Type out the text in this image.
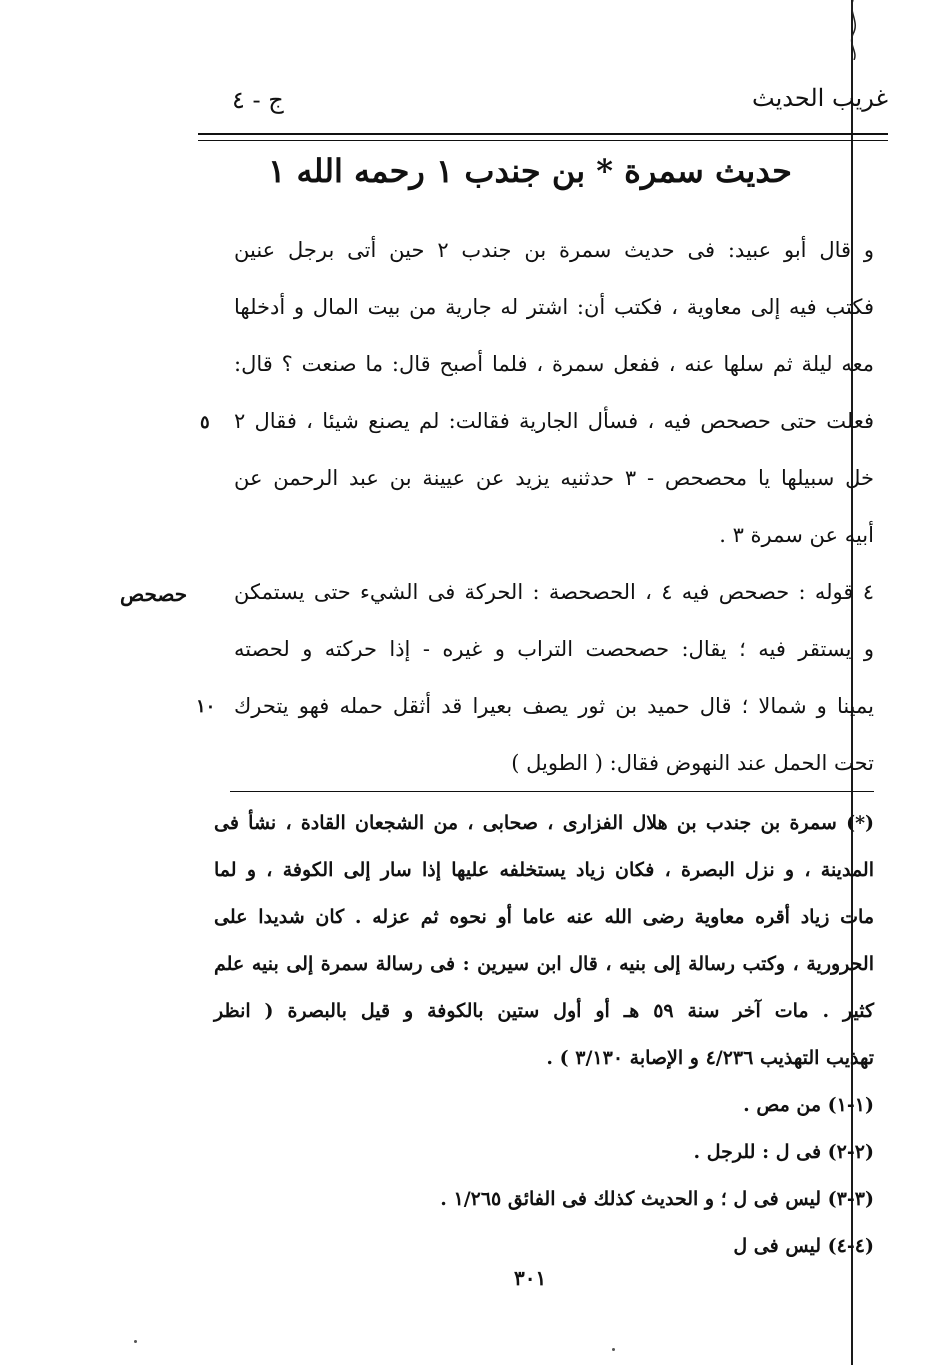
غريب الحديث
ج - ٤
حديث سمرة * بن جندب ١ رحمه الله ١
و قال أبو عبيد: فى حديث سمرة بن جندب ٢ حين أتى برجل عنين
فكتب فيه إلى معاوية ، فكتب أن: اشتر له جارية من بيت المال و أدخلها
معه ليلة ثم سلها عنه ، ففعل سمرة ، فلما أصبح قال: ما صنعت ؟ قال:
فعلت حتى حصحص فيه ، فسأل الجارية فقالت: لم يصنع شيئا ، فقال ٢
خل سبيلها يا محصحص - ٣ حدثنيه يزيد عن عيينة بن عبد الرحمن عن
أبيه عن سمرة ٣ .
٤ قوله : حصحص فيه ٤ ، الحصحصة : الحركة فى الشيء حتى يستمكن
و يستقر فيه ؛ يقال: حصحصت التراب و غيره - إذا حركته و لحصته
يمينا و شمالا ؛ قال حميد بن ثور يصف بعيرا قد أثقل حمله فهو يتحرك
تحت الحمل عند النهوض فقال: ( الطويل )
حصحص
٥
١٠
(*) سمرة بن جندب بن هلال الفزارى ، صحابى ، من الشجعان القادة ، نشأ فى
المدينة ، و نزل البصرة ، فكان زياد يستخلفه عليها إذا سار إلى الكوفة ، و لما
مات زياد أقره معاوية رضى الله عنه عاما أو نحوه ثم عزله . كان شديدا على
الحرورية ، وكتب رسالة إلى بنيه ، قال ابن سيرين : فى رسالة سمرة إلى بنيه علم
كثير . مات آخر سنة ٥٩ هـ أو أول ستين بالكوفة و قيل بالبصرة ( انظر
تهذيب التهذيب ٤/٢٣٦ و الإصابة ٣/١٣٠ ) .
(١-١) من مص .
(٢-٢) فى ل : للرجل .
(٣-٣) ليس فى ل ؛ و الحديث كذلك فى الفائق ١/٢٦٥ .
(٤-٤) ليس فى ل
٣٠١
